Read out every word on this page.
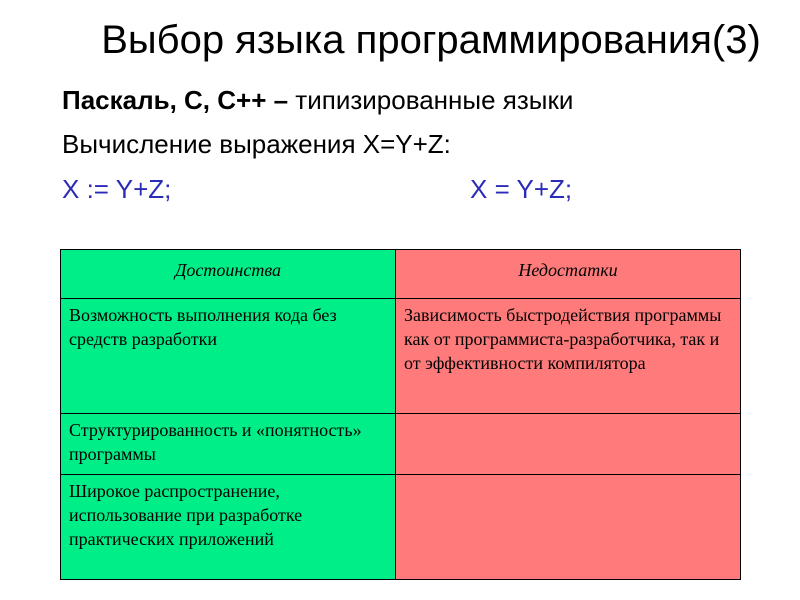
Выбор языка программирования(3)
Паскаль, С, С++ – типизированные языки
Вычисление выражения X=Y+Z:
X := Y+Z;	X = Y+Z;
Достоинства	Недостатки
Возможность выполнения кода без средств разработки	Зависимость быстродействия программы как от программиста-разработчика, так и от эффективности компилятора
Структурированность и «понятность» программы	
Широкое распространение, использование при разработке практических приложений	
